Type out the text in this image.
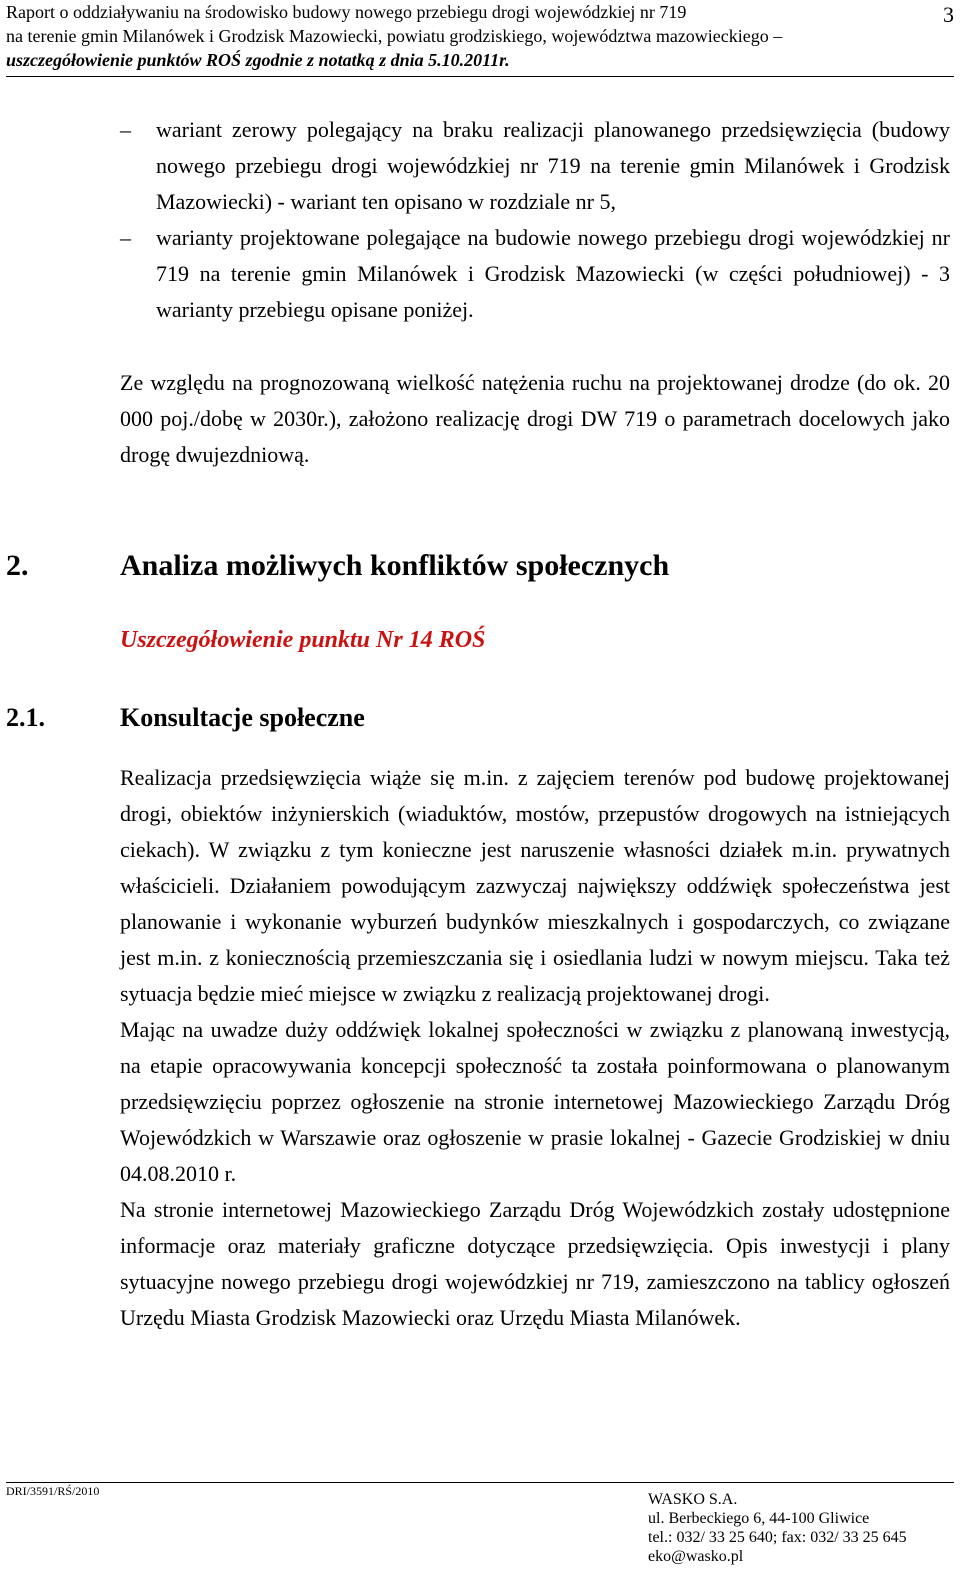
Raport o oddziaływaniu na środowisko budowy nowego przebiegu drogi wojewódzkiej nr 719
na terenie gmin Milanówek i Grodzisk Mazowiecki, powiatu grodziskiego, województwa mazowieckiego –
uszczegółowienie punktów ROŚ zgodnie z notatką z dnia 5.10.2011r.
3
– wariant zerowy polegający na braku realizacji planowanego przedsięwzięcia (budowy nowego przebiegu drogi wojewódzkiej nr 719 na terenie gmin Milanówek i Grodzisk Mazowiecki) - wariant ten opisano w rozdziale nr 5,
– warianty projektowane polegające na budowie nowego przebiegu drogi wojewódzkiej nr 719 na terenie gmin Milanówek i Grodzisk Mazowiecki (w części południowej) - 3 warianty przebiegu opisane poniżej.
Ze względu na prognozowaną wielkość natężenia ruchu na projektowanej drodze (do ok. 20 000 poj./dobę w 2030r.), założono realizację drogi DW 719 o parametrach docelowych jako drogę dwujezdniową.
2.	Analiza możliwych konfliktów społecznych
Uszczegółowienie punktu Nr 14 ROŚ
2.1.	Konsultacje społeczne

Realizacja przedsięwzięcia wiąże się m.in. z zajęciem terenów pod budowę projektowanej drogi, obiektów inżynierskich (wiaduktów, mostów, przepustów drogowych na istniejących ciekach). W związku z tym konieczne jest naruszenie własności działek m.in. prywatnych właścicieli. Działaniem powodującym zazwyczaj największy oddźwięk społeczeństwa jest planowanie i wykonanie wyburzeń budynków mieszkalnych i gospodarczych, co związane jest m.in. z koniecznością przemieszczania się i osiedlania ludzi w nowym miejscu. Taka też sytuacja będzie mieć miejsce w związku z realizacją projektowanej drogi.

Mając na uwadze duży oddźwięk lokalnej społeczności w związku z planowaną inwestycją, na etapie opracowywania koncepcji społeczność ta została poinformowana o planowanym przedsięwzięciu poprzez ogłoszenie na stronie internetowej Mazowieckiego Zarządu Dróg Wojewódzkich w Warszawie oraz ogłoszenie w prasie lokalnej - Gazecie Grodziskiej w dniu 04.08.2010 r.

Na stronie internetowej Mazowieckiego Zarządu Dróg Wojewódzkich zostały udostępnione informacje oraz materiały graficzne dotyczące przedsięwzięcia. Opis inwestycji i plany sytuacyjne nowego przebiegu drogi wojewódzkiej nr 719, zamieszczono na tablicy ogłoszeń Urzędu Miasta Grodzisk Mazowiecki oraz Urzędu Miasta Milanówek.

DRI/3591/RŚ/2010	WASKO S.A.
ul. Berbeckiego 6, 44-100 Gliwice
tel.: 032/ 33 25 640; fax: 032/ 33 25 645
eko@wasko.pl
